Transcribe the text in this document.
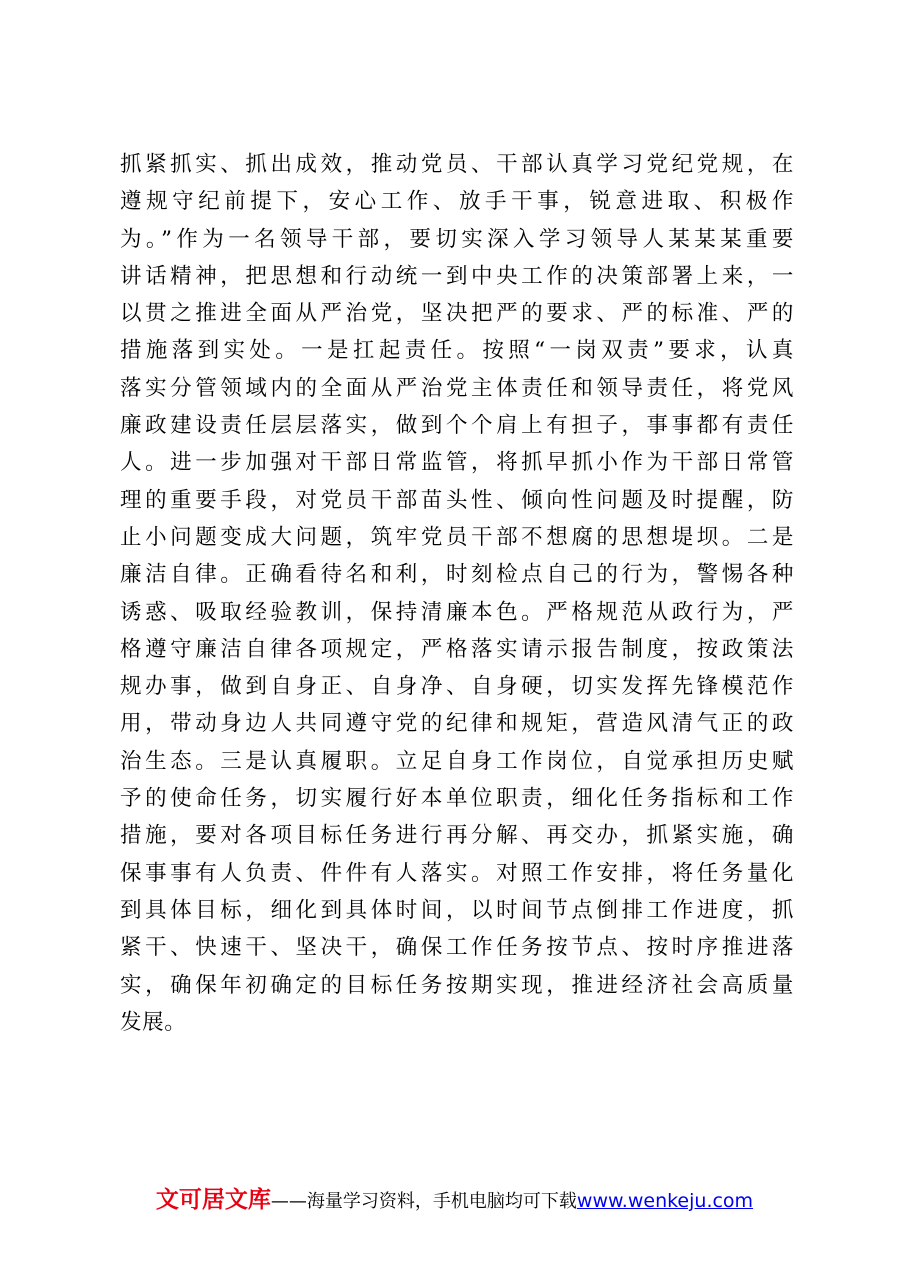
抓紧抓实、抓出成效，推动党员、干部认真学习党纪党规，在
遵规守纪前提下，安心工作、放手干事，锐意进取、积极作
为。”作为一名领导干部，要切实深入学习领导人某某某重要
讲话精神，把思想和行动统一到中央工作的决策部署上来，一
以贯之推进全面从严治党，坚决把严的要求、严的标准、严的
措施落到实处。一是扛起责任。按照“一岗双责”要求，认真
落实分管领域内的全面从严治党主体责任和领导责任，将党风
廉政建设责任层层落实，做到个个肩上有担子，事事都有责任
人。进一步加强对干部日常监管，将抓早抓小作为干部日常管
理的重要手段，对党员干部苗头性、倾向性问题及时提醒，防
止小问题变成大问题，筑牢党员干部不想腐的思想堤坝。二是
廉洁自律。正确看待名和利，时刻检点自己的行为，警惕各种
诱惑、吸取经验教训，保持清廉本色。严格规范从政行为，严
格遵守廉洁自律各项规定，严格落实请示报告制度，按政策法
规办事，做到自身正、自身净、自身硬，切实发挥先锋模范作
用，带动身边人共同遵守党的纪律和规矩，营造风清气正的政
治生态。三是认真履职。立足自身工作岗位，自觉承担历史赋
予的使命任务，切实履行好本单位职责，细化任务指标和工作
措施，要对各项目标任务进行再分解、再交办，抓紧实施，确
保事事有人负责、件件有人落实。对照工作安排，将任务量化
到具体目标，细化到具体时间，以时间节点倒排工作进度，抓
紧干、快速干、坚决干，确保工作任务按节点、按时序推进落
实，确保年初确定的目标任务按期实现，推进经济社会高质量
发展。
文可居文库——海量学习资料，手机电脑均可下载www.wenkeju.com
